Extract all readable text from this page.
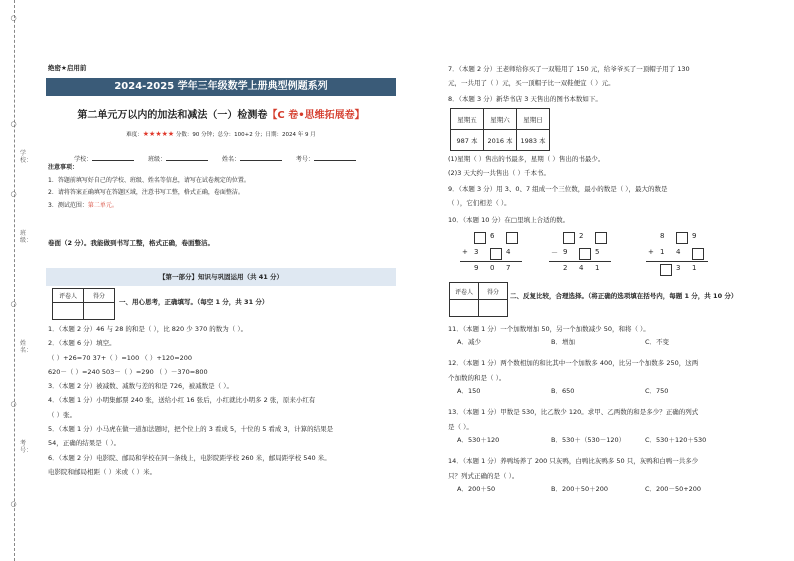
○
○
○
○
○
○
学校：
班级：
姓名：
考号：
绝密★启用前
2024-2025 学年三年级数学上册典型例题系列
第二单元万以内的加法和减法（一）检测卷【C 卷•思维拓展卷】
难度：★★★★★ 分数：90 分钟；总分：100+2 分；日期：2024 年 9 月
学校：	班级：	姓名：	考号：
注意事项：
1．答题前填写好自己的学校、班级、姓名等信息，请写在试卷规定的位置。
2．请将答案正确填写在答题区域，注意书写工整，格式正确，卷面整洁。
3．测试范围：第二单元。
卷面（2 分）。我能做到书写工整，格式正确，卷面整洁。
【第一部分】知识与巩固运用（共 41 分）
评卷人	得分

一、用心思考，正确填写。（每空 1 分，共 31 分）
1．（本题 2 分）46 与 28 的和是（ ），比 820 少 370 的数为（ ）。
2．（本题 6 分）填空。
（ ）+26=70 37+（ ）=100 （ ）+120=200
620－（ ）=240 503－（ ）=290 （ ）－370=800
3．（本题 2 分）被减数、减数与差的和是 726，被减数是（ ）。
4．（本题 1 分）小明集邮票 240 张，送给小红 16 张后，小红就比小明多 2 张，原来小红有
（ ）张。
5．（本题 1 分）小马虎在做一道加法题时，把个位上的 3 看成 5，十位的 5 看成 3，计算的结果是
54，正确的结果是（ ）。
6．（本题 2 分）电影院、邮局和学校在同一条线上，电影院距学校 260 米，邮局距学校 540 米。
电影院和邮局相距（ ）米或（ ）米。
7．（本题 2 分）王老师给你买了一双鞋用了 150 元，给爷爷买了一顶帽子用了 130
元，一共用了（ ）元，买一顶帽子比一双鞋便宜（ ）元。
8．（本题 3 分）新华书店 3 天售出的图书本数如下。
星期五	星期六	星期日
987 本	2016 本	1983 本
(1)星期（ ）售出的书最多，星期（ ）售出的书最少。
(2)3 天大约一共售出（ ）千本书。
9．（本题 3 分）用 3、0、7 组成一个三位数，最小的数是（ ），最大的数是
（ ），它们相差（ ）。
10．（本题 10 分）在□里填上合适的数。
6
3	4
9 0 7
+
2
9	5
2 4 1
－
8	9
1 4
3 1
+
评卷人	得分
	二、反复比较，合理选择。（将正确的选项填在括号内，每题 1 分，共 10 分）
11．（本题 1 分）一个加数增加 50，另一个加数减少 50，和将（ ）。
A．减少	B．增加	C．不变
12．（本题 1 分）两个数相加的和比其中一个加数多 400，比另一个加数多 250，这两
个加数的和是（ ）。
A．150	B．650	C．750
13．（本题 1 分）甲数是 530，比乙数少 120。求甲、乙两数的和是多少？正确的列式
是（ ）。
A．530＋120	B．530＋（530－120）	C．530＋120＋530
14．（本题 1 分）养鸭场养了 200 只灰鸭，白鸭比灰鸭多 50 只，灰鸭和白鸭一共多少
只？列式正确的是（ ）。
A．200＋50	B．200＋50＋200	C．200－50+200
